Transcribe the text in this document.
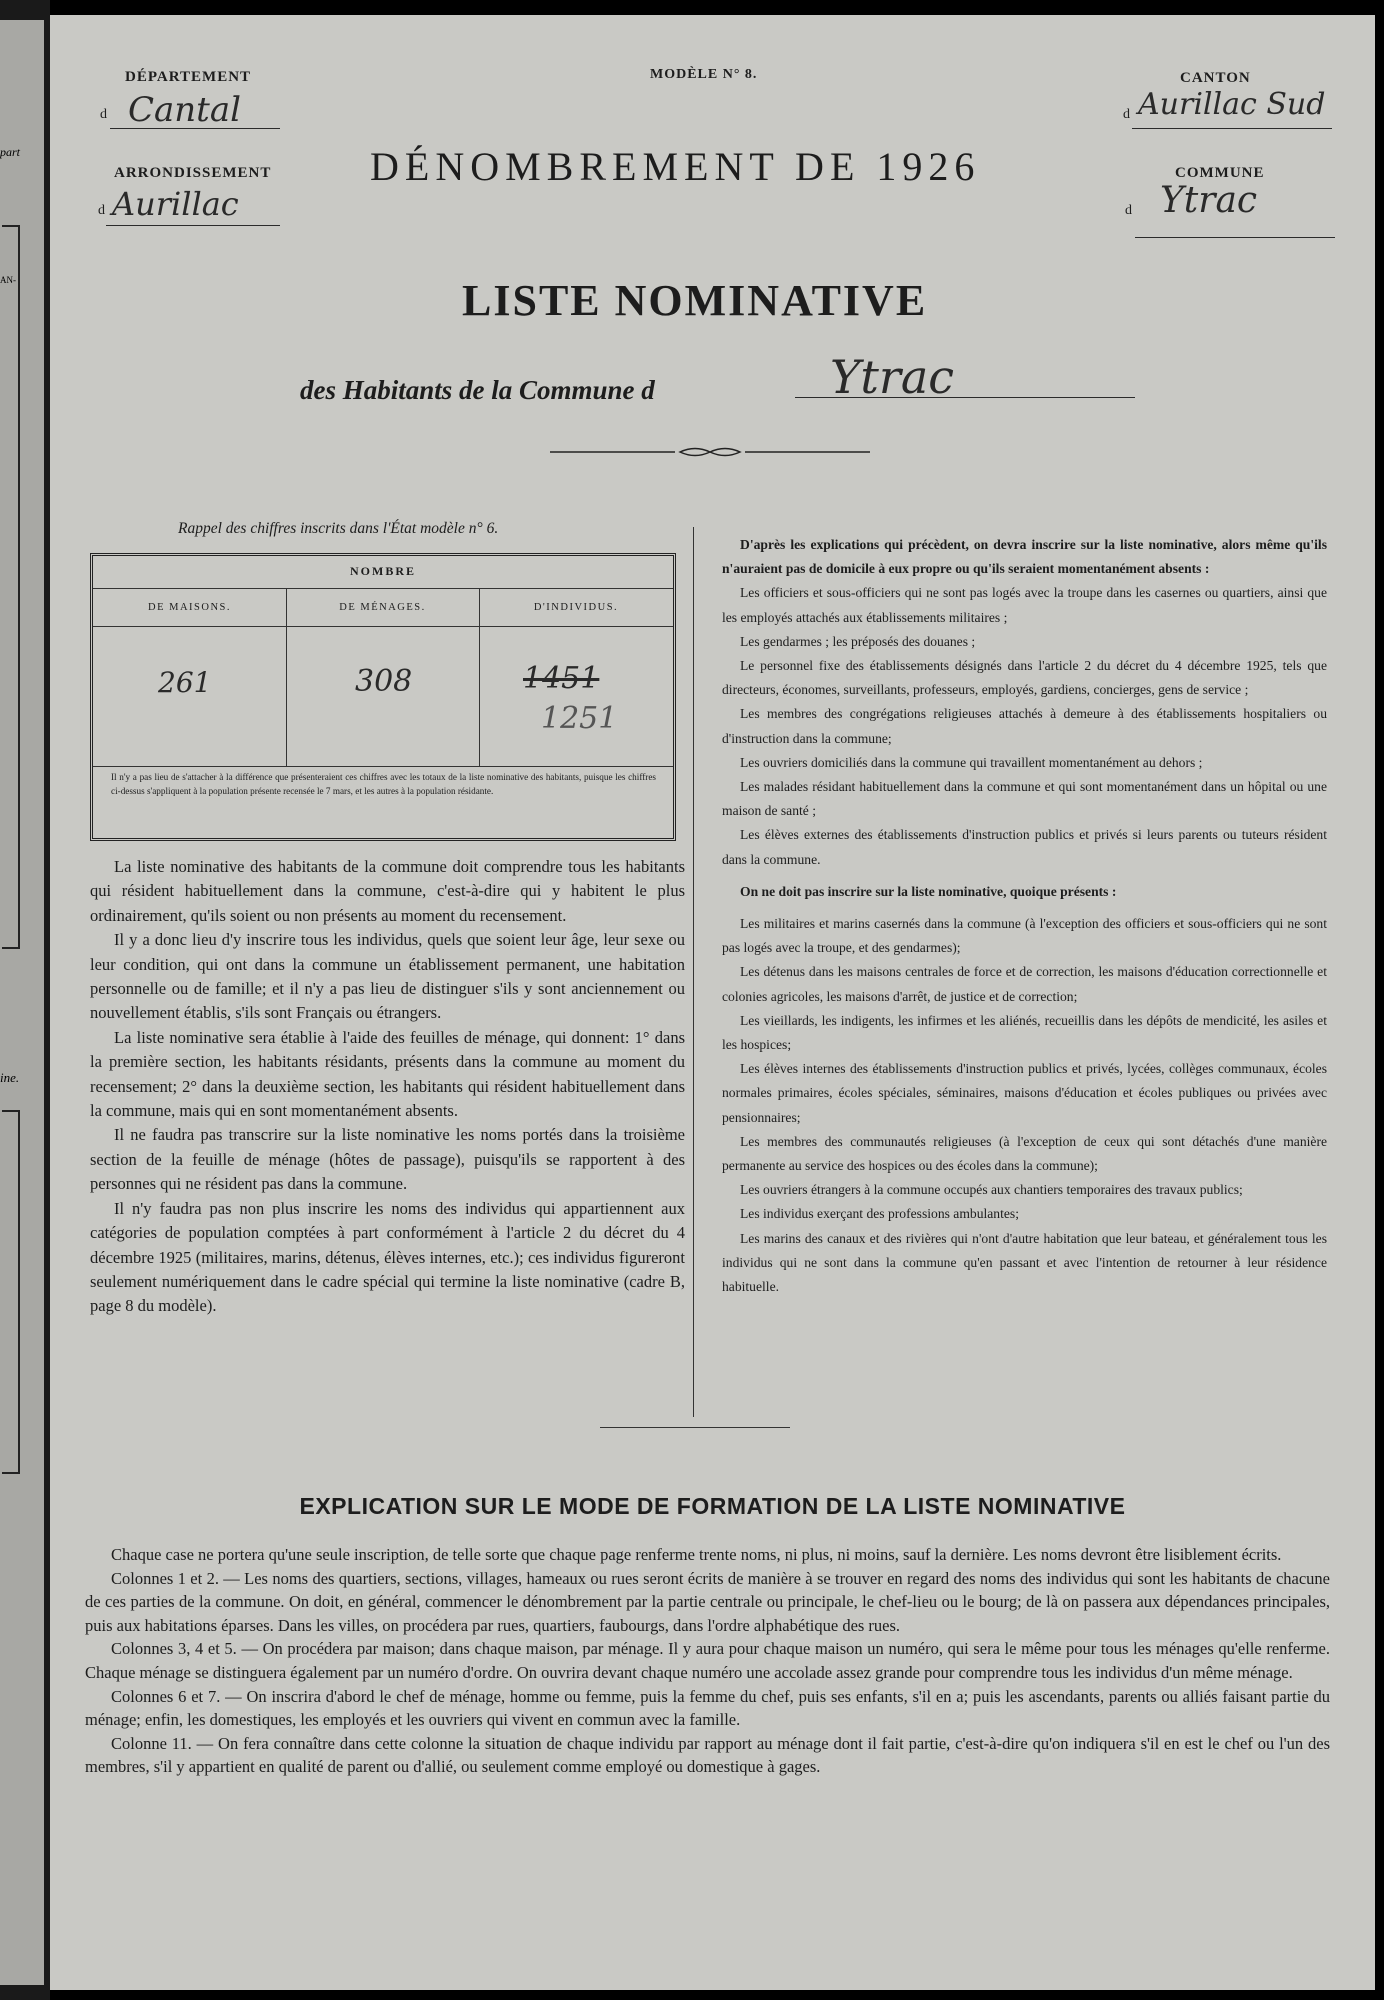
part
AN-
ine.
DÉPARTEMENT
d Cantal
ARRONDISSEMENT
d Aurillac
MODÈLE N° 8.
DÉNOMBREMENT DE 1926
CANTON
d Aurillac Sud
COMMUNE
d Ytrac
LISTE NOMINATIVE
des Habitants de la Commune d	Ytrac
Rappel des chiffres inscrits dans l'État modèle n° 6.
NOMBRE
DE MAISONS.	DE MÉNAGES.	D'INDIVIDUS.
261	308	1451
1251
Il n'y a pas lieu de s'attacher à la différence que présenteraient ces chiffres avec les totaux de la liste nominative des habitants, puisque les chiffres ci-dessus s'appliquent à la population présente recensée le 7 mars, et les autres à la population résidante.

La liste nominative des habitants de la commune doit comprendre tous les habitants qui résident habituellement dans la commune, c'est-à-dire qui y habitent le plus ordinairement, qu'ils soient ou non présents au moment du recensement.

Il y a donc lieu d'y inscrire tous les individus, quels que soient leur âge, leur sexe ou leur condition, qui ont dans la commune un établissement permanent, une habitation personnelle ou de famille; et il n'y a pas lieu de distinguer s'ils y sont anciennement ou nouvellement établis, s'ils sont Français ou étrangers.

La liste nominative sera établie à l'aide des feuilles de ménage, qui donnent: 1° dans la première section, les habitants résidants, présents dans la commune au moment du recensement; 2° dans la deuxième section, les habitants qui résident habituellement dans la commune, mais qui en sont momentanément absents.

Il ne faudra pas transcrire sur la liste nominative les noms portés dans la troisième section de la feuille de ménage (hôtes de passage), puisqu'ils se rapportent à des personnes qui ne résident pas dans la commune.

Il n'y faudra pas non plus inscrire les noms des individus qui appartiennent aux catégories de population comptées à part conformément à l'article 2 du décret du 4 décembre 1925 (militaires, marins, détenus, élèves internes, etc.); ces individus figureront seulement numériquement dans le cadre spécial qui termine la liste nominative (cadre B, page 8 du modèle).

D'après les explications qui précèdent, on devra inscrire sur la liste nominative, alors même qu'ils n'auraient pas de domicile à eux propre ou qu'ils seraient momentanément absents :

Les officiers et sous-officiers qui ne sont pas logés avec la troupe dans les casernes ou quartiers, ainsi que les employés attachés aux établissements militaires ;

Les gendarmes ; les préposés des douanes ;

Le personnel fixe des établissements désignés dans l'article 2 du décret du 4 décembre 1925, tels que directeurs, économes, surveillants, professeurs, employés, gardiens, concierges, gens de service ;

Les membres des congrégations religieuses attachés à demeure à des établissements hospitaliers ou d'instruction dans la commune;

Les ouvriers domiciliés dans la commune qui travaillent momentanément au dehors ;

Les malades résidant habituellement dans la commune et qui sont momentanément dans un hôpital ou une maison de santé ;

Les élèves externes des établissements d'instruction publics et privés si leurs parents ou tuteurs résident dans la commune.

On ne doit pas inscrire sur la liste nominative, quoique présents :

Les militaires et marins casernés dans la commune (à l'exception des officiers et sous-officiers qui ne sont pas logés avec la troupe, et des gendarmes);

Les détenus dans les maisons centrales de force et de correction, les maisons d'éducation correctionnelle et colonies agricoles, les maisons d'arrêt, de justice et de correction;

Les vieillards, les indigents, les infirmes et les aliénés, recueillis dans les dépôts de mendicité, les asiles et les hospices;

Les élèves internes des établissements d'instruction publics et privés, lycées, collèges communaux, écoles normales primaires, écoles spéciales, séminaires, maisons d'éducation et écoles publiques ou privées avec pensionnaires;

Les membres des communautés religieuses (à l'exception de ceux qui sont détachés d'une manière permanente au service des hospices ou des écoles dans la commune);

Les ouvriers étrangers à la commune occupés aux chantiers temporaires des travaux publics;

Les individus exerçant des professions ambulantes;

Les marins des canaux et des rivières qui n'ont d'autre habitation que leur bateau, et généralement tous les individus qui ne sont dans la commune qu'en passant et avec l'intention de retourner à leur résidence habituelle.

EXPLICATION SUR LE MODE DE FORMATION DE LA LISTE NOMINATIVE

Chaque case ne portera qu'une seule inscription, de telle sorte que chaque page renferme trente noms, ni plus, ni moins, sauf la dernière. Les noms devront être lisiblement écrits.

Colonnes 1 et 2. — Les noms des quartiers, sections, villages, hameaux ou rues seront écrits de manière à se trouver en regard des noms des individus qui sont les habitants de chacune de ces parties de la commune. On doit, en général, commencer le dénombrement par la partie centrale ou principale, le chef-lieu ou le bourg; de là on passera aux dépendances principales, puis aux habitations éparses. Dans les villes, on procédera par rues, quartiers, faubourgs, dans l'ordre alphabétique des rues.

Colonnes 3, 4 et 5. — On procédera par maison; dans chaque maison, par ménage. Il y aura pour chaque maison un numéro, qui sera le même pour tous les ménages qu'elle renferme. Chaque ménage se distinguera également par un numéro d'ordre. On ouvrira devant chaque numéro une accolade assez grande pour comprendre tous les individus d'un même ménage.

Colonnes 6 et 7. — On inscrira d'abord le chef de ménage, homme ou femme, puis la femme du chef, puis ses enfants, s'il en a; puis les ascendants, parents ou alliés faisant partie du ménage; enfin, les domestiques, les employés et les ouvriers qui vivent en commun avec la famille.

Colonne 11. — On fera connaître dans cette colonne la situation de chaque individu par rapport au ménage dont il fait partie, c'est-à-dire qu'on indiquera s'il en est le chef ou l'un des membres, s'il y appartient en qualité de parent ou d'allié, ou seulement comme employé ou domestique à gages.
